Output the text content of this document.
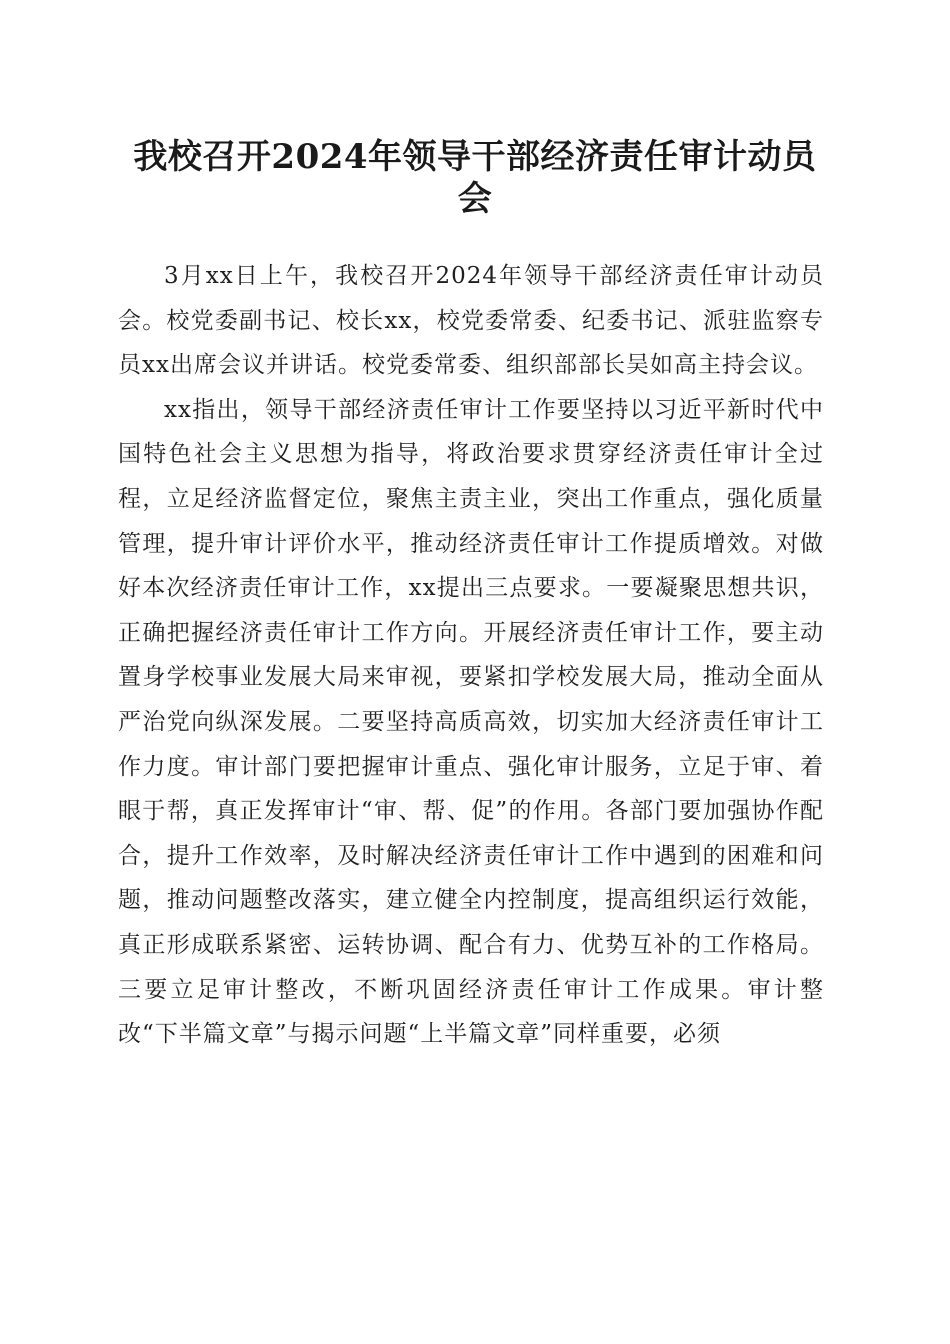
我校召开2024年领导干部经济责任审计动员会

3月xx日上午，我校召开2024年领导干部经济责任审计动员会。校党委副书记、校长xx，校党委常委、纪委书记、派驻监察专员xx出席会议并讲话。校党委常委、组织部部长吴如高主持会议。

xx指出，领导干部经济责任审计工作要坚持以习近平新时代中国特色社会主义思想为指导，将政治要求贯穿经济责任审计全过程，立足经济监督定位，聚焦主责主业，突出工作重点，强化质量管理，提升审计评价水平，推动经济责任审计工作提质增效。对做好本次经济责任审计工作，xx提出三点要求。一要凝聚思想共识，正确把握经济责任审计工作方向。开展经济责任审计工作，要主动置身学校事业发展大局来审视，要紧扣学校发展大局，推动全面从严治党向纵深发展。二要坚持高质高效，切实加大经济责任审计工作力度。审计部门要把握审计重点、强化审计服务，立足于审、着眼于帮，真正发挥审计“审、帮、促”的作用。各部门要加强协作配合，提升工作效率，及时解决经济责任审计工作中遇到的困难和问题，推动问题整改落实，建立健全内控制度，提高组织运行效能，真正形成联系紧密、运转协调、配合有力、优势互补的工作格局。三要立足审计整改，不断巩固经济责任审计工作成果。审计整改“下半篇文章”与揭示问题“上半篇文章”同样重要，必须
